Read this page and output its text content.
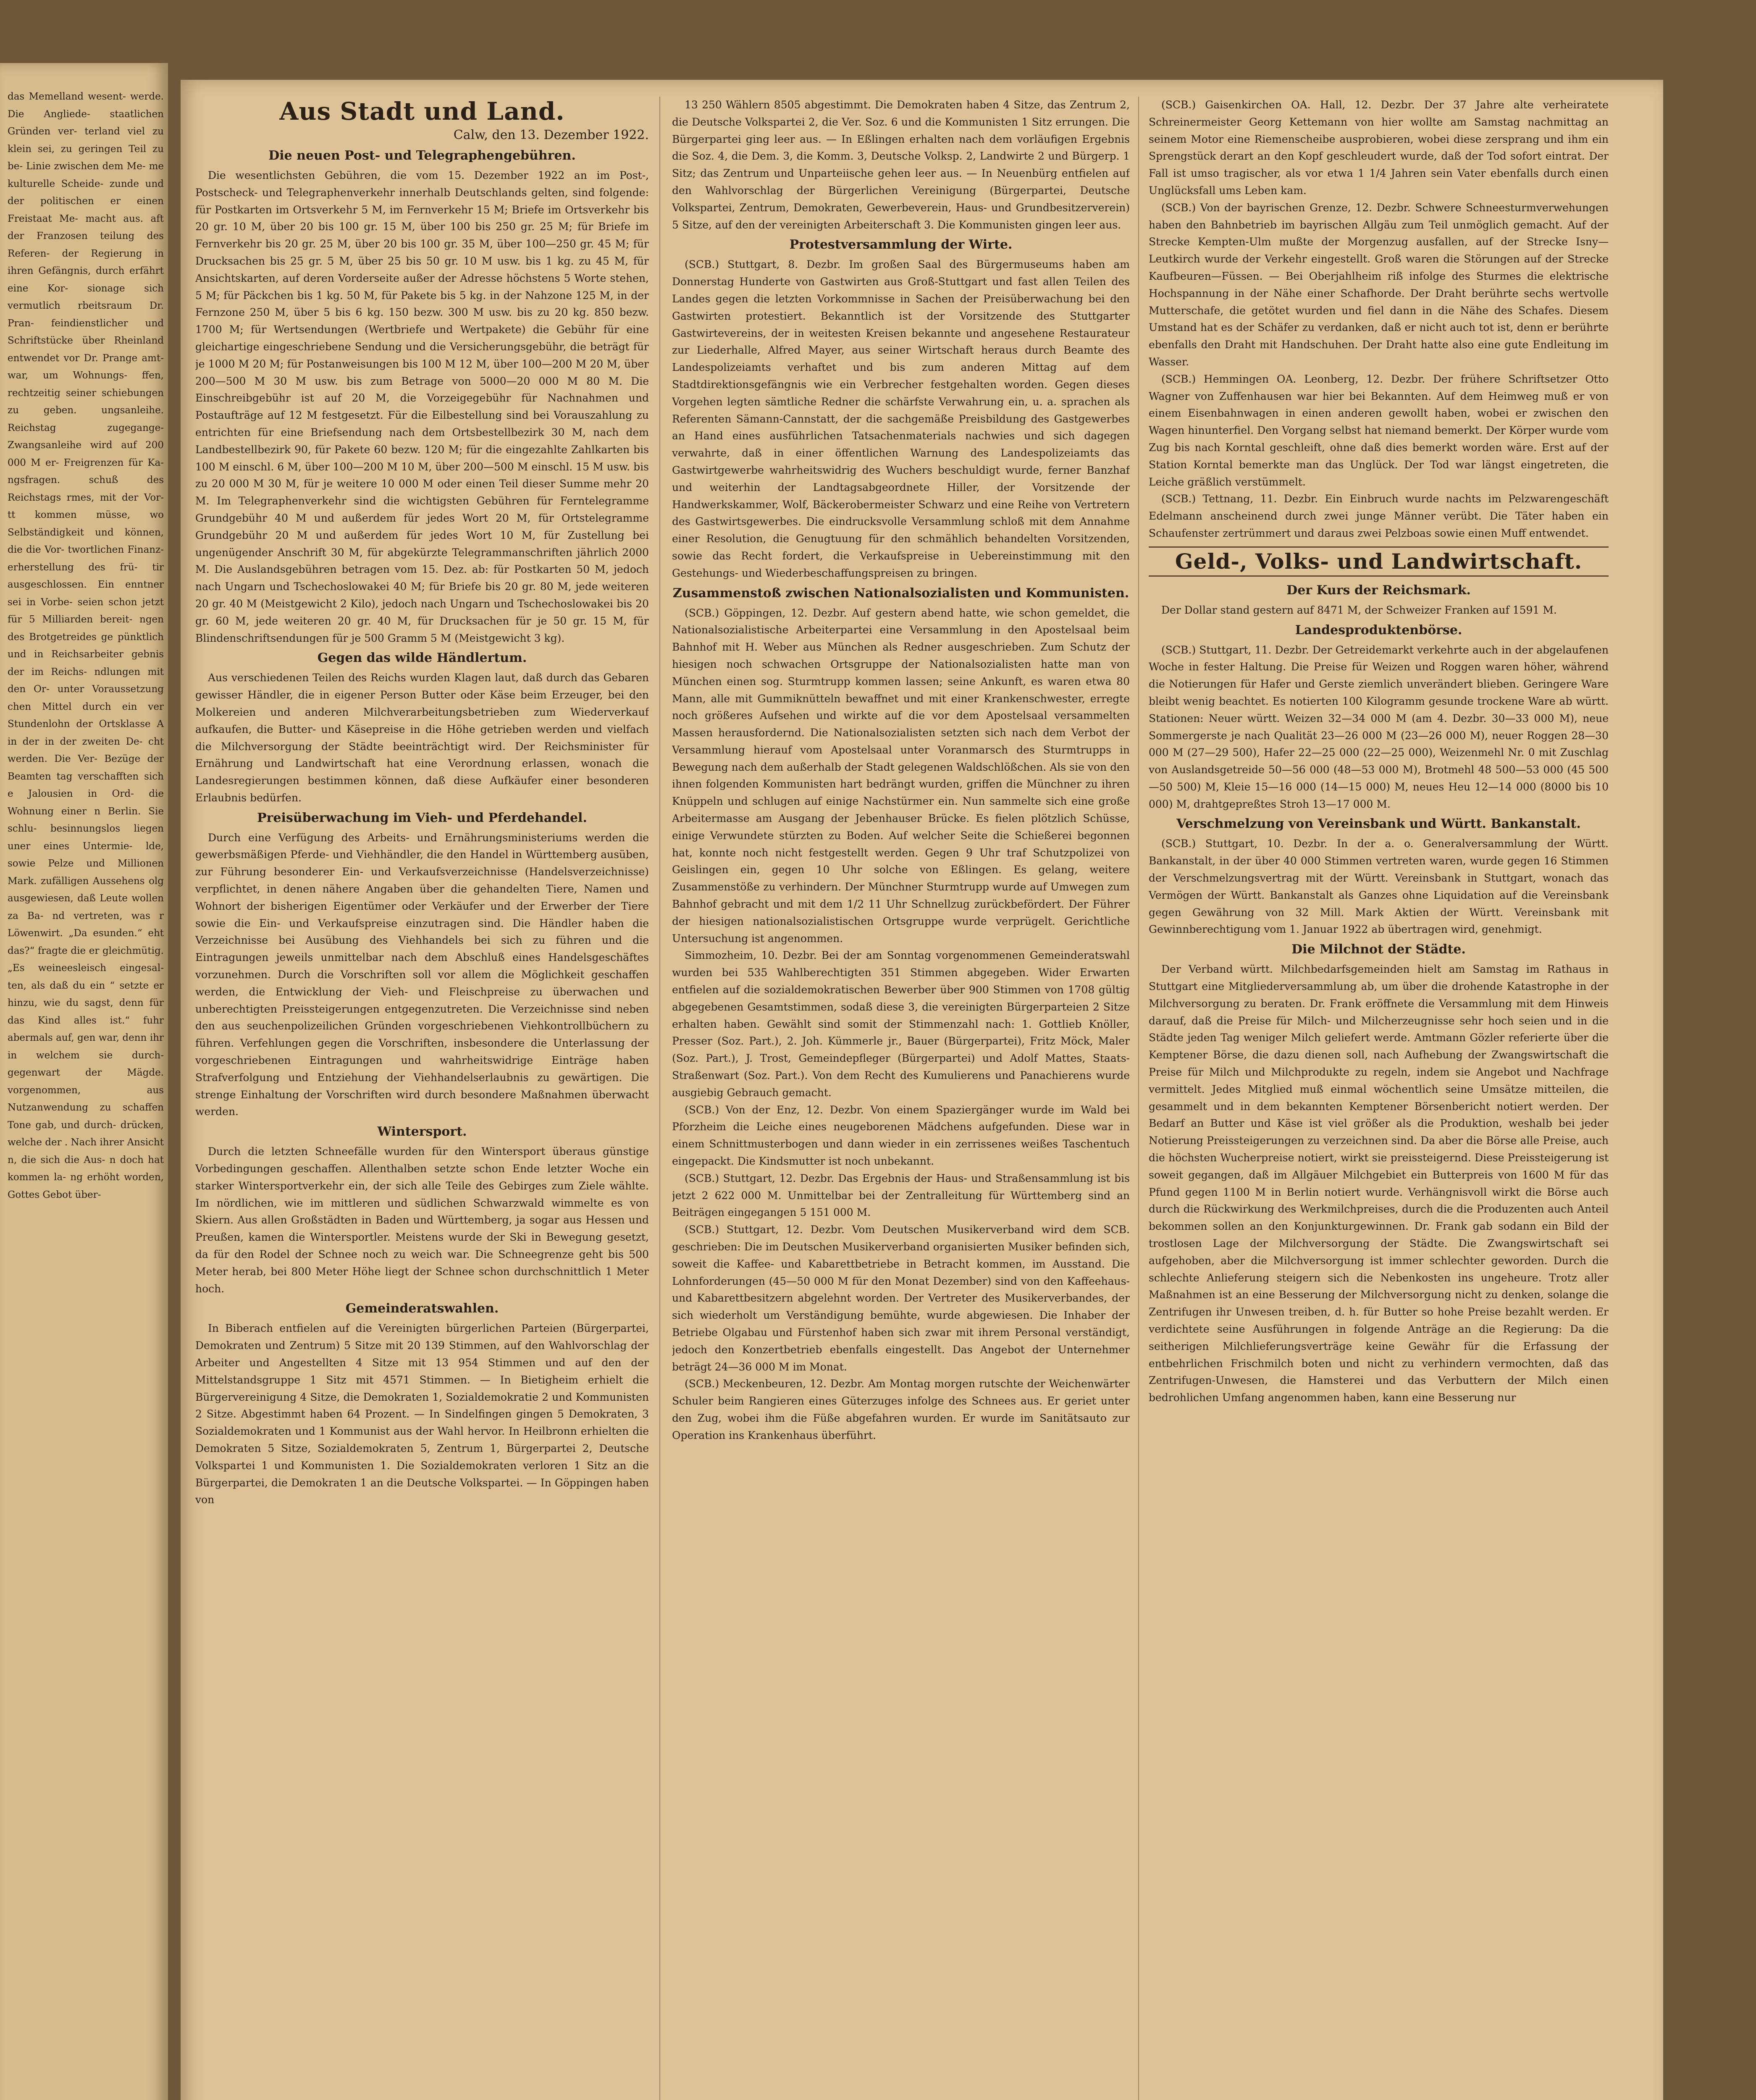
das Memelland wesent- werde. Die Angliede- staatlichen Gründen ver- terland viel zu klein sei, zu geringen Teil zu be- Linie zwischen dem Me- me kulturelle Scheide- zunde und der politischen er einen Freistaat Me- macht aus. aft der Franzosen teilung des Referen- der Regierung in ihren Gefängnis, durch erfährt eine Kor- sionage sich vermutlich rbeitsraum Dr. Pran- feindienstlicher und Schriftstücke über Rheinland entwendet vor Dr. Prange amt- war, um Wohnungs- ffen, rechtzeitig seiner schiebungen zu geben. ungsanleihe. Reichstag zugegange- Zwangsanleihe wird auf 200 000 M er- Freigrenzen für Ka- ngsfragen. schuß des Reichstags rmes, mit der Vor- tt kommen müsse, wo Selbständigkeit und können, die die Vor- twortlichen Finanz- erherstellung des frü- tir ausgeschlossen. Ein enntner sei in Vorbe- seien schon jetzt für 5 Milliarden bereit- ngen des Brotgetreides ge pünktlich und in Reichsarbeiter gebnis der im Reichs- ndlungen mit den Or- unter Voraussetzung chen Mittel durch ein ver Stundenlohn der Ortsklasse A in der in der zweiten De- cht werden. Die Ver- Bezüge der Beamten tag verschafften sich e Jalousien in Ord- die Wohnung einer n Berlin. Sie schlu- besinnungslos liegen uner eines Untermie- lde, sowie Pelze und Millionen Mark. zufälligen Aussehens olg ausgewiesen, daß Leute wollen za Ba- nd vertreten, was r Löwenwirt. „Da esunden.“ eht das?“ fragte die er gleichmütig. „Es weineesleisch eingesal- ten, als daß du ein “ setzte er hinzu, wie du sagst, denn für das Kind alles ist.“ fuhr abermals auf, gen war, denn ihr in welchem sie durch- gegenwart der Mägde. vorgenommen, aus Nutzanwendung zu schaffen Tone gab, und durch- drücken, welche der . Nach ihrer Ansicht n, die sich die Aus- n doch hat kommen la- ng erhöht worden, Gottes Gebot über-
Aus Stadt und Land.
Calw, den 13. Dezember 1922.
Die neuen Post- und Telegraphengebühren.

Die wesentlichsten Gebühren, die vom 15. Dezember 1922 an im Post-, Postscheck- und Telegraphenverkehr innerhalb Deutschlands gelten, sind folgende: für Postkarten im Ortsverkehr 5 M, im Fernverkehr 15 M; Briefe im Ortsverkehr bis 20 gr. 10 M, über 20 bis 100 gr. 15 M, über 100 bis 250 gr. 25 M; für Briefe im Fernverkehr bis 20 gr. 25 M, über 20 bis 100 gr. 35 M, über 100—250 gr. 45 M; für Drucksachen bis 25 gr. 5 M, über 25 bis 50 gr. 10 M usw. bis 1 kg. zu 45 M, für Ansichtskarten, auf deren Vorderseite außer der Adresse höchstens 5 Worte stehen, 5 M; für Päckchen bis 1 kg. 50 M, für Pakete bis 5 kg. in der Nahzone 125 M, in der Fernzone 250 M, über 5 bis 6 kg. 150 bezw. 300 M usw. bis zu 20 kg. 850 bezw. 1700 M; für Wertsendungen (Wertbriefe und Wertpakete) die Gebühr für eine gleichartige eingeschriebene Sendung und die Versicherungsgebühr, die beträgt für je 1000 M 20 M; für Postanweisungen bis 100 M 12 M, über 100—200 M 20 M, über 200—500 M 30 M usw. bis zum Betrage von 5000—20 000 M 80 M. Die Einschreibgebühr ist auf 20 M, die Vorzeigegebühr für Nachnahmen und Postaufträge auf 12 M festgesetzt. Für die Eilbestellung sind bei Vorauszahlung zu entrichten für eine Briefsendung nach dem Ortsbestellbezirk 30 M, nach dem Landbestellbezirk 90, für Pakete 60 bezw. 120 M; für die eingezahlte Zahlkarten bis 100 M einschl. 6 M, über 100—200 M 10 M, über 200—500 M einschl. 15 M usw. bis zu 20 000 M 30 M, für je weitere 10 000 M oder einen Teil dieser Summe mehr 20 M. Im Telegraphenverkehr sind die wichtigsten Gebühren für Ferntelegramme Grundgebühr 40 M und außerdem für jedes Wort 20 M, für Ortstelegramme Grundgebühr 20 M und außerdem für jedes Wort 10 M, für Zustellung bei ungenügender Anschrift 30 M, für abgekürzte Telegrammanschriften jährlich 2000 M. Die Auslandsgebühren betragen vom 15. Dez. ab: für Postkarten 50 M, jedoch nach Ungarn und Tschechoslowakei 40 M; für Briefe bis 20 gr. 80 M, jede weiteren 20 gr. 40 M (Meistgewicht 2 Kilo), jedoch nach Ungarn und Tschechoslowakei bis 20 gr. 60 M, jede weiteren 20 gr. 40 M, für Drucksachen für je 50 gr. 15 M, für Blindenschriftsendungen für je 500 Gramm 5 M (Meistgewicht 3 kg).

Gegen das wilde Händlertum.

Aus verschiedenen Teilen des Reichs wurden Klagen laut, daß durch das Gebaren gewisser Händler, die in eigener Person Butter oder Käse beim Erzeuger, bei den Molkereien und anderen Milchverarbeitungsbetrieben zum Wiederverkauf aufkaufen, die Butter- und Käsepreise in die Höhe getrieben werden und vielfach die Milchversorgung der Städte beeinträchtigt wird. Der Reichsminister für Ernährung und Landwirtschaft hat eine Verordnung erlassen, wonach die Landesregierungen bestimmen können, daß diese Aufkäufer einer besonderen Erlaubnis bedürfen.

Preisüberwachung im Vieh- und Pferdehandel.

Durch eine Verfügung des Arbeits- und Ernährungsministeriums werden die gewerbsmäßigen Pferde- und Viehhändler, die den Handel in Württemberg ausüben, zur Führung besonderer Ein- und Verkaufsverzeichnisse (Handelsverzeichnisse) verpflichtet, in denen nähere Angaben über die gehandelten Tiere, Namen und Wohnort der bisherigen Eigentümer oder Verkäufer und der Erwerber der Tiere sowie die Ein- und Verkaufspreise einzutragen sind. Die Händler haben die Verzeichnisse bei Ausübung des Viehhandels bei sich zu führen und die Eintragungen jeweils unmittelbar nach dem Abschluß eines Handelsgeschäftes vorzunehmen. Durch die Vorschriften soll vor allem die Möglichkeit geschaffen werden, die Entwicklung der Vieh- und Fleischpreise zu überwachen und unberechtigten Preissteigerungen entgegenzutreten. Die Verzeichnisse sind neben den aus seuchenpolizeilichen Gründen vorgeschriebenen Viehkontrollbüchern zu führen. Verfehlungen gegen die Vorschriften, insbesondere die Unterlassung der vorgeschriebenen Eintragungen und wahrheitswidrige Einträge haben Strafverfolgung und Entziehung der Viehhandelserlaubnis zu gewärtigen. Die strenge Einhaltung der Vorschriften wird durch besondere Maßnahmen überwacht werden.

Wintersport.

Durch die letzten Schneefälle wurden für den Wintersport überaus günstige Vorbedingungen geschaffen. Allenthalben setzte schon Ende letzter Woche ein starker Wintersportverkehr ein, der sich alle Teile des Gebirges zum Ziele wählte. Im nördlichen, wie im mittleren und südlichen Schwarzwald wimmelte es von Skiern. Aus allen Großstädten in Baden und Württemberg, ja sogar aus Hessen und Preußen, kamen die Wintersportler. Meistens wurde der Ski in Bewegung gesetzt, da für den Rodel der Schnee noch zu weich war. Die Schneegrenze geht bis 500 Meter herab, bei 800 Meter Höhe liegt der Schnee schon durchschnittlich 1 Meter hoch.

Gemeinderatswahlen.

In Biberach entfielen auf die Vereinigten bürgerlichen Parteien (Bürgerpartei, Demokraten und Zentrum) 5 Sitze mit 20 139 Stimmen, auf den Wahlvorschlag der Arbeiter und Angestellten 4 Sitze mit 13 954 Stimmen und auf den der Mittelstandsgruppe 1 Sitz mit 4571 Stimmen. — In Bietigheim erhielt die Bürgervereinigung 4 Sitze, die Demokraten 1, Sozialdemokratie 2 und Kommunisten 2 Sitze. Abgestimmt haben 64 Prozent. — In Sindelfingen gingen 5 Demokraten, 3 Sozialdemokraten und 1 Kommunist aus der Wahl hervor. In Heilbronn erhielten die Demokraten 5 Sitze, Sozialdemokraten 5, Zentrum 1, Bürgerpartei 2, Deutsche Volkspartei 1 und Kommunisten 1. Die Sozialdemokraten verloren 1 Sitz an die Bürgerpartei, die Demokraten 1 an die Deutsche Volkspartei. — In Göppingen haben von

13 250 Wählern 8505 abgestimmt. Die Demokraten haben 4 Sitze, das Zentrum 2, die Deutsche Volkspartei 2, die Ver. Soz. 6 und die Kommunisten 1 Sitz errungen. Die Bürgerpartei ging leer aus. — In Eßlingen erhalten nach dem vorläufigen Ergebnis die Soz. 4, die Dem. 3, die Komm. 3, Deutsche Volksp. 2, Landwirte 2 und Bürgerp. 1 Sitz; das Zentrum und Unparteiische gehen leer aus. — In Neuenbürg entfielen auf den Wahlvorschlag der Bürgerlichen Vereinigung (Bürgerpartei, Deutsche Volkspartei, Zentrum, Demokraten, Gewerbeverein, Haus- und Grundbesitzerverein) 5 Sitze, auf den der vereinigten Arbeiterschaft 3. Die Kommunisten gingen leer aus.

Protestversammlung der Wirte.

(SCB.) Stuttgart, 8. Dezbr. Im großen Saal des Bürgermuseums haben am Donnerstag Hunderte von Gastwirten aus Groß-Stuttgart und fast allen Teilen des Landes gegen die letzten Vorkommnisse in Sachen der Preisüberwachung bei den Gastwirten protestiert. Bekanntlich ist der Vorsitzende des Stuttgarter Gastwirtevereins, der in weitesten Kreisen bekannte und angesehene Restaurateur zur Liederhalle, Alfred Mayer, aus seiner Wirtschaft heraus durch Beamte des Landespolizeiamts verhaftet und bis zum anderen Mittag auf dem Stadtdirektionsgefängnis wie ein Verbrecher festgehalten worden. Gegen dieses Vorgehen legten sämtliche Redner die schärfste Verwahrung ein, u. a. sprachen als Referenten Sämann-Cannstatt, der die sachgemäße Preisbildung des Gastgewerbes an Hand eines ausführlichen Tatsachenmaterials nachwies und sich dagegen verwahrte, daß in einer öffentlichen Warnung des Landespolizeiamts das Gastwirtgewerbe wahrheitswidrig des Wuchers beschuldigt wurde, ferner Banzhaf und weiterhin der Landtagsabgeordnete Hiller, der Vorsitzende der Handwerkskammer, Wolf, Bäckerobermeister Schwarz und eine Reihe von Vertretern des Gastwirtsgewerbes. Die eindrucksvolle Versammlung schloß mit dem Annahme einer Resolution, die Genugtuung für den schmählich behandelten Vorsitzenden, sowie das Recht fordert, die Verkaufspreise in Uebereinstimmung mit den Gestehungs- und Wiederbeschaffungspreisen zu bringen.

Zusammenstoß zwischen Nationalsozialisten und Kommunisten.

(SCB.) Göppingen, 12. Dezbr. Auf gestern abend hatte, wie schon gemeldet, die Nationalsozialistische Arbeiterpartei eine Versammlung in den Apostelsaal beim Bahnhof mit H. Weber aus München als Redner ausgeschrieben. Zum Schutz der hiesigen noch schwachen Ortsgruppe der Nationalsozialisten hatte man von München einen sog. Sturmtrupp kommen lassen; seine Ankunft, es waren etwa 80 Mann, alle mit Gummiknütteln bewaffnet und mit einer Krankenschwester, erregte noch größeres Aufsehen und wirkte auf die vor dem Apostelsaal versammelten Massen herausfordernd. Die Nationalsozialisten setzten sich nach dem Verbot der Versammlung hierauf vom Apostelsaal unter Voranmarsch des Sturmtrupps in Bewegung nach dem außerhalb der Stadt gelegenen Waldschlößchen. Als sie von den ihnen folgenden Kommunisten hart bedrängt wurden, griffen die Münchner zu ihren Knüppeln und schlugen auf einige Nachstürmer ein. Nun sammelte sich eine große Arbeitermasse am Ausgang der Jebenhauser Brücke. Es fielen plötzlich Schüsse, einige Verwundete stürzten zu Boden. Auf welcher Seite die Schießerei begonnen hat, konnte noch nicht festgestellt werden. Gegen 9 Uhr traf Schutzpolizei von Geislingen ein, gegen 10 Uhr solche von Eßlingen. Es gelang, weitere Zusammenstöße zu verhindern. Der Münchner Sturmtrupp wurde auf Umwegen zum Bahnhof gebracht und mit dem 1/2 11 Uhr Schnellzug zurückbefördert. Der Führer der hiesigen nationalsozialistischen Ortsgruppe wurde verprügelt. Gerichtliche Untersuchung ist angenommen.

Simmozheim, 10. Dezbr. Bei der am Sonntag vorgenommenen Gemeinderatswahl wurden bei 535 Wahlberechtigten 351 Stimmen abgegeben. Wider Erwarten entfielen auf die sozialdemokratischen Bewerber über 900 Stimmen von 1708 gültig abgegebenen Gesamtstimmen, sodaß diese 3, die vereinigten Bürgerparteien 2 Sitze erhalten haben. Gewählt sind somit der Stimmenzahl nach: 1. Gottlieb Knöller, Presser (Soz. Part.), 2. Joh. Kümmerle jr., Bauer (Bürgerpartei), Fritz Möck, Maler (Soz. Part.), J. Trost, Gemeindepfleger (Bürgerpartei) und Adolf Mattes, Staats-Straßenwart (Soz. Part.). Von dem Recht des Kumulierens und Panachierens wurde ausgiebig Gebrauch gemacht.

(SCB.) Von der Enz, 12. Dezbr. Von einem Spaziergänger wurde im Wald bei Pforzheim die Leiche eines neugeborenen Mädchens aufgefunden. Diese war in einem Schnittmusterbogen und dann wieder in ein zerrissenes weißes Taschentuch eingepackt. Die Kindsmutter ist noch unbekannt.

(SCB.) Stuttgart, 12. Dezbr. Das Ergebnis der Haus- und Straßensammlung ist bis jetzt 2 622 000 M. Unmittelbar bei der Zentralleitung für Württemberg sind an Beiträgen eingegangen 5 151 000 M.

(SCB.) Stuttgart, 12. Dezbr. Vom Deutschen Musikerverband wird dem SCB. geschrieben: Die im Deutschen Musikerverband organisierten Musiker befinden sich, soweit die Kaffee- und Kabarettbetriebe in Betracht kommen, im Ausstand. Die Lohnforderungen (45—50 000 M für den Monat Dezember) sind von den Kaffeehaus- und Kabarettbesitzern abgelehnt worden. Der Vertreter des Musikerverbandes, der sich wiederholt um Verständigung bemühte, wurde abgewiesen. Die Inhaber der Betriebe Olgabau und Fürstenhof haben sich zwar mit ihrem Personal verständigt, jedoch den Konzertbetrieb ebenfalls eingestellt. Das Angebot der Unternehmer beträgt 24—36 000 M im Monat.

(SCB.) Meckenbeuren, 12. Dezbr. Am Montag morgen rutschte der Weichenwärter Schuler beim Rangieren eines Güterzuges infolge des Schnees aus. Er geriet unter den Zug, wobei ihm die Füße abgefahren wurden. Er wurde im Sanitätsauto zur Operation ins Krankenhaus überführt.

(SCB.) Gaisenkirchen OA. Hall, 12. Dezbr. Der 37 Jahre alte verheiratete Schreinermeister Georg Kettemann von hier wollte am Samstag nachmittag an seinem Motor eine Riemenscheibe ausprobieren, wobei diese zersprang und ihm ein Sprengstück derart an den Kopf geschleudert wurde, daß der Tod sofort eintrat. Der Fall ist umso tragischer, als vor etwa 1 1/4 Jahren sein Vater ebenfalls durch einen Unglücksfall ums Leben kam.

(SCB.) Von der bayrischen Grenze, 12. Dezbr. Schwere Schneesturmverwehungen haben den Bahnbetrieb im bayrischen Allgäu zum Teil unmöglich gemacht. Auf der Strecke Kempten-Ulm mußte der Morgenzug ausfallen, auf der Strecke Isny—Leutkirch wurde der Verkehr eingestellt. Groß waren die Störungen auf der Strecke Kaufbeuren—Füssen. — Bei Oberjahlheim riß infolge des Sturmes die elektrische Hochspannung in der Nähe einer Schafhorde. Der Draht berührte sechs wertvolle Mutterschafe, die getötet wurden und fiel dann in die Nähe des Schafes. Diesem Umstand hat es der Schäfer zu verdanken, daß er nicht auch tot ist, denn er berührte ebenfalls den Draht mit Handschuhen. Der Draht hatte also eine gute Endleitung im Wasser.

(SCB.) Hemmingen OA. Leonberg, 12. Dezbr. Der frühere Schriftsetzer Otto Wagner von Zuffenhausen war hier bei Bekannten. Auf dem Heimweg muß er von einem Eisenbahnwagen in einen anderen gewollt haben, wobei er zwischen den Wagen hinunterfiel. Den Vorgang selbst hat niemand bemerkt. Der Körper wurde vom Zug bis nach Korntal geschleift, ohne daß dies bemerkt worden wäre. Erst auf der Station Korntal bemerkte man das Unglück. Der Tod war längst eingetreten, die Leiche gräßlich verstümmelt.

(SCB.) Tettnang, 11. Dezbr. Ein Einbruch wurde nachts im Pelzwarengeschäft Edelmann anscheinend durch zwei junge Männer verübt. Die Täter haben ein Schaufenster zertrümmert und daraus zwei Pelzboas sowie einen Muff entwendet.

Geld-, Volks- und Landwirtschaft.
Der Kurs der Reichsmark.

Der Dollar stand gestern auf 8471 M, der Schweizer Franken auf 1591 M.

Landesproduktenbörse.

(SCB.) Stuttgart, 11. Dezbr. Der Getreidemarkt verkehrte auch in der abgelaufenen Woche in fester Haltung. Die Preise für Weizen und Roggen waren höher, während die Notierungen für Hafer und Gerste ziemlich unverändert blieben. Geringere Ware bleibt wenig beachtet. Es notierten 100 Kilogramm gesunde trockene Ware ab württ. Stationen: Neuer württ. Weizen 32—34 000 M (am 4. Dezbr. 30—33 000 M), neue Sommergerste je nach Qualität 23—26 000 M (23—26 000 M), neuer Roggen 28—30 000 M (27—29 500), Hafer 22—25 000 (22—25 000), Weizenmehl Nr. 0 mit Zuschlag von Auslandsgetreide 50—56 000 (48—53 000 M), Brotmehl 48 500—53 000 (45 500—50 500) M, Kleie 15—16 000 (14—15 000) M, neues Heu 12—14 000 (8000 bis 10 000) M, drahtgepreßtes Stroh 13—17 000 M.

Verschmelzung von Vereinsbank und Württ. Bankanstalt.

(SCB.) Stuttgart, 10. Dezbr. In der a. o. Generalversammlung der Württ. Bankanstalt, in der über 40 000 Stimmen vertreten waren, wurde gegen 16 Stimmen der Verschmelzungsvertrag mit der Württ. Vereinsbank in Stuttgart, wonach das Vermögen der Württ. Bankanstalt als Ganzes ohne Liquidation auf die Vereinsbank gegen Gewährung von 32 Mill. Mark Aktien der Württ. Vereinsbank mit Gewinnberechtigung vom 1. Januar 1922 ab übertragen wird, genehmigt.

Die Milchnot der Städte.

Der Verband württ. Milchbedarfsgemeinden hielt am Samstag im Rathaus in Stuttgart eine Mitgliederversammlung ab, um über die drohende Katastrophe in der Milchversorgung zu beraten. Dr. Frank eröffnete die Versammlung mit dem Hinweis darauf, daß die Preise für Milch- und Milcherzeugnisse sehr hoch seien und in die Städte jeden Tag weniger Milch geliefert werde. Amtmann Gözler referierte über die Kemptener Börse, die dazu dienen soll, nach Aufhebung der Zwangswirtschaft die Preise für Milch und Milchprodukte zu regeln, indem sie Angebot und Nachfrage vermittelt. Jedes Mitglied muß einmal wöchentlich seine Umsätze mitteilen, die gesammelt und in dem bekannten Kemptener Börsenbericht notiert werden. Der Bedarf an Butter und Käse ist viel größer als die Produktion, weshalb bei jeder Notierung Preissteigerungen zu verzeichnen sind. Da aber die Börse alle Preise, auch die höchsten Wucherpreise notiert, wirkt sie preissteigernd. Diese Preissteigerung ist soweit gegangen, daß im Allgäuer Milchgebiet ein Butterpreis von 1600 M für das Pfund gegen 1100 M in Berlin notiert wurde. Verhängnisvoll wirkt die Börse auch durch die Rückwirkung des Werkmilchpreises, durch die die Produzenten auch Anteil bekommen sollen an den Konjunkturgewinnen. Dr. Frank gab sodann ein Bild der trostlosen Lage der Milchversorgung der Städte. Die Zwangswirtschaft sei aufgehoben, aber die Milchversorgung ist immer schlechter geworden. Durch die schlechte Anlieferung steigern sich die Nebenkosten ins ungeheure. Trotz aller Maßnahmen ist an eine Besserung der Milchversorgung nicht zu denken, solange die Zentrifugen ihr Unwesen treiben, d. h. für Butter so hohe Preise bezahlt werden. Er verdichtete seine Ausführungen in folgende Anträge an die Regierung: Da die seitherigen Milchlieferungsverträge keine Gewähr für die Erfassung der entbehrlichen Frischmilch boten und nicht zu verhindern vermochten, daß das Zentrifugen-Unwesen, die Hamsterei und das Verbuttern der Milch einen bedrohlichen Umfang angenommen haben, kann eine Besserung nur
